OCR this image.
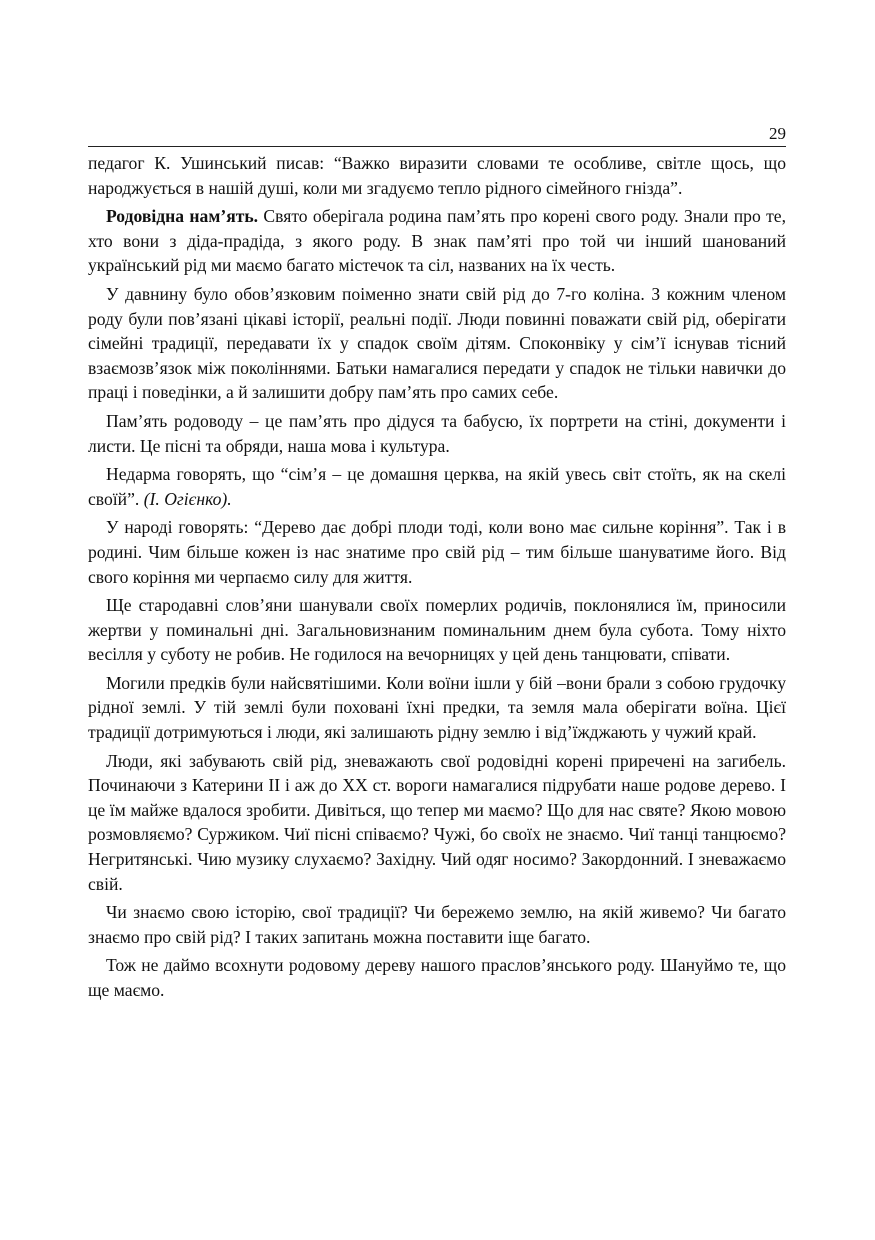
29

педагог К. Ушинський писав: “Важко виразити словами те особливе, світле щось, що народжується в нашій душі, коли ми згадуємо тепло рідного сімейного гнізда”.

Родовідна нам’ять. Свято оберігала родина пам’ять про корені свого роду. Знали про те, хто вони з діда-прадіда, з якого роду. В знак пам’яті про той чи інший шанований український рід ми маємо багато містечок та сіл, названих на їх честь.

У давнину було обов’язковим поіменно знати свій рід до 7-го коліна. З кожним членом роду були пов’язані цікаві історії, реальні події. Люди повинні поважати свій рід, оберігати сімейні традиції, передавати їх у спадок своїм дітям. Споконвіку у сім’ї існував тісний взаємозв’язок між поколіннями. Батьки намагалися передати у спадок не тільки навички до праці і поведінки, а й залишити добру пам’ять про самих себе.

Пам’ять родоводу – це пам’ять про дідуся та бабусю, їх портрети на стіні, документи і листи. Це пісні та обряди, наша мова і культура.

Недарма говорять, що “сім’я – це домашня церква, на якій увесь світ стоїть, як на скелі своїй”. (І. Огієнко).

У народі говорять: “Дерево дає добрі плоди тоді, коли воно має сильне коріння”. Так і в родині. Чим більше кожен із нас знатиме про свій рід – тим більше шануватиме його. Від свого коріння ми черпаємо силу для життя.

Ще стародавні слов’яни шанували своїх померлих родичів, поклонялися їм, приносили жертви у поминальні дні. Загальновизнаним поминальним днем була субота. Тому ніхто весілля у суботу не робив. Не годилося на вечорницях у цей день танцювати, співати.

Могили предків були найсвятішими. Коли воїни ішли у бій –вони брали з собою грудочку рідної землі. У тій землі були поховані їхні предки, та земля мала оберігати воїна. Цієї традиції дотримуються і люди, які залишають рідну землю і від’їжджають у чужий край.

Люди, які забувають свій рід, зневажають свої родовідні корені приречені на загибель. Починаючи з Катерини ІІ і аж до ХХ ст. вороги намагалися підрубати наше родове дерево. І це їм майже вдалося зробити. Дивіться, що тепер ми маємо? Що для нас святе? Якою мовою розмовляємо? Суржиком. Чиї пісні співаємо? Чужі, бо своїх не знаємо. Чиї танці танцюємо? Негритянські. Чию музику слухаємо? Західну. Чий одяг носимо? Закордонний. І зневажаємо свій.

Чи знаємо свою історію, свої традиції? Чи бережемо землю, на якій живемо? Чи багато знаємо про свій рід? І таких запитань можна поставити іще багато.

Тож не даймо всохнути родовому дереву нашого праслов’янського роду. Шануймо те, що ще маємо.
